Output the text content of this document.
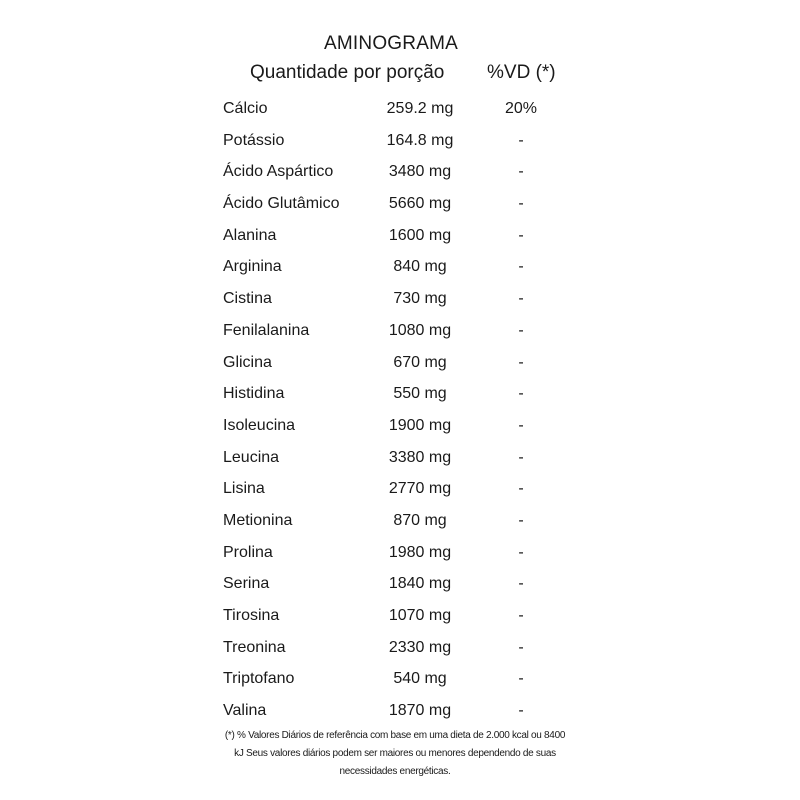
AMINOGRAMA
Quantidade por porção %VD (*)
Cálcio	259.2 mg	20%
Potássio	164.8 mg	-
Ácido Aspártico	3480 mg	-
Ácido Glutâmico	5660 mg	-
Alanina	1600 mg	-
Arginina	840 mg	-
Cistina	730 mg	-
Fenilalanina	1080 mg	-
Glicina	670 mg	-
Histidina	550 mg	-
Isoleucina	1900 mg	-
Leucina	3380 mg	-
Lisina	2770 mg	-
Metionina	870 mg	-
Prolina	1980 mg	-
Serina	1840 mg	-
Tirosina	1070 mg	-
Treonina	2330 mg	-
Triptofano	540 mg	-
Valina	1870 mg	-

(*) % Valores Diários de referência com base em uma dieta de 2.000 kcal ou 8400 kJ Seus valores diários podem ser maiores ou menores dependendo de suas necessidades energéticas.
